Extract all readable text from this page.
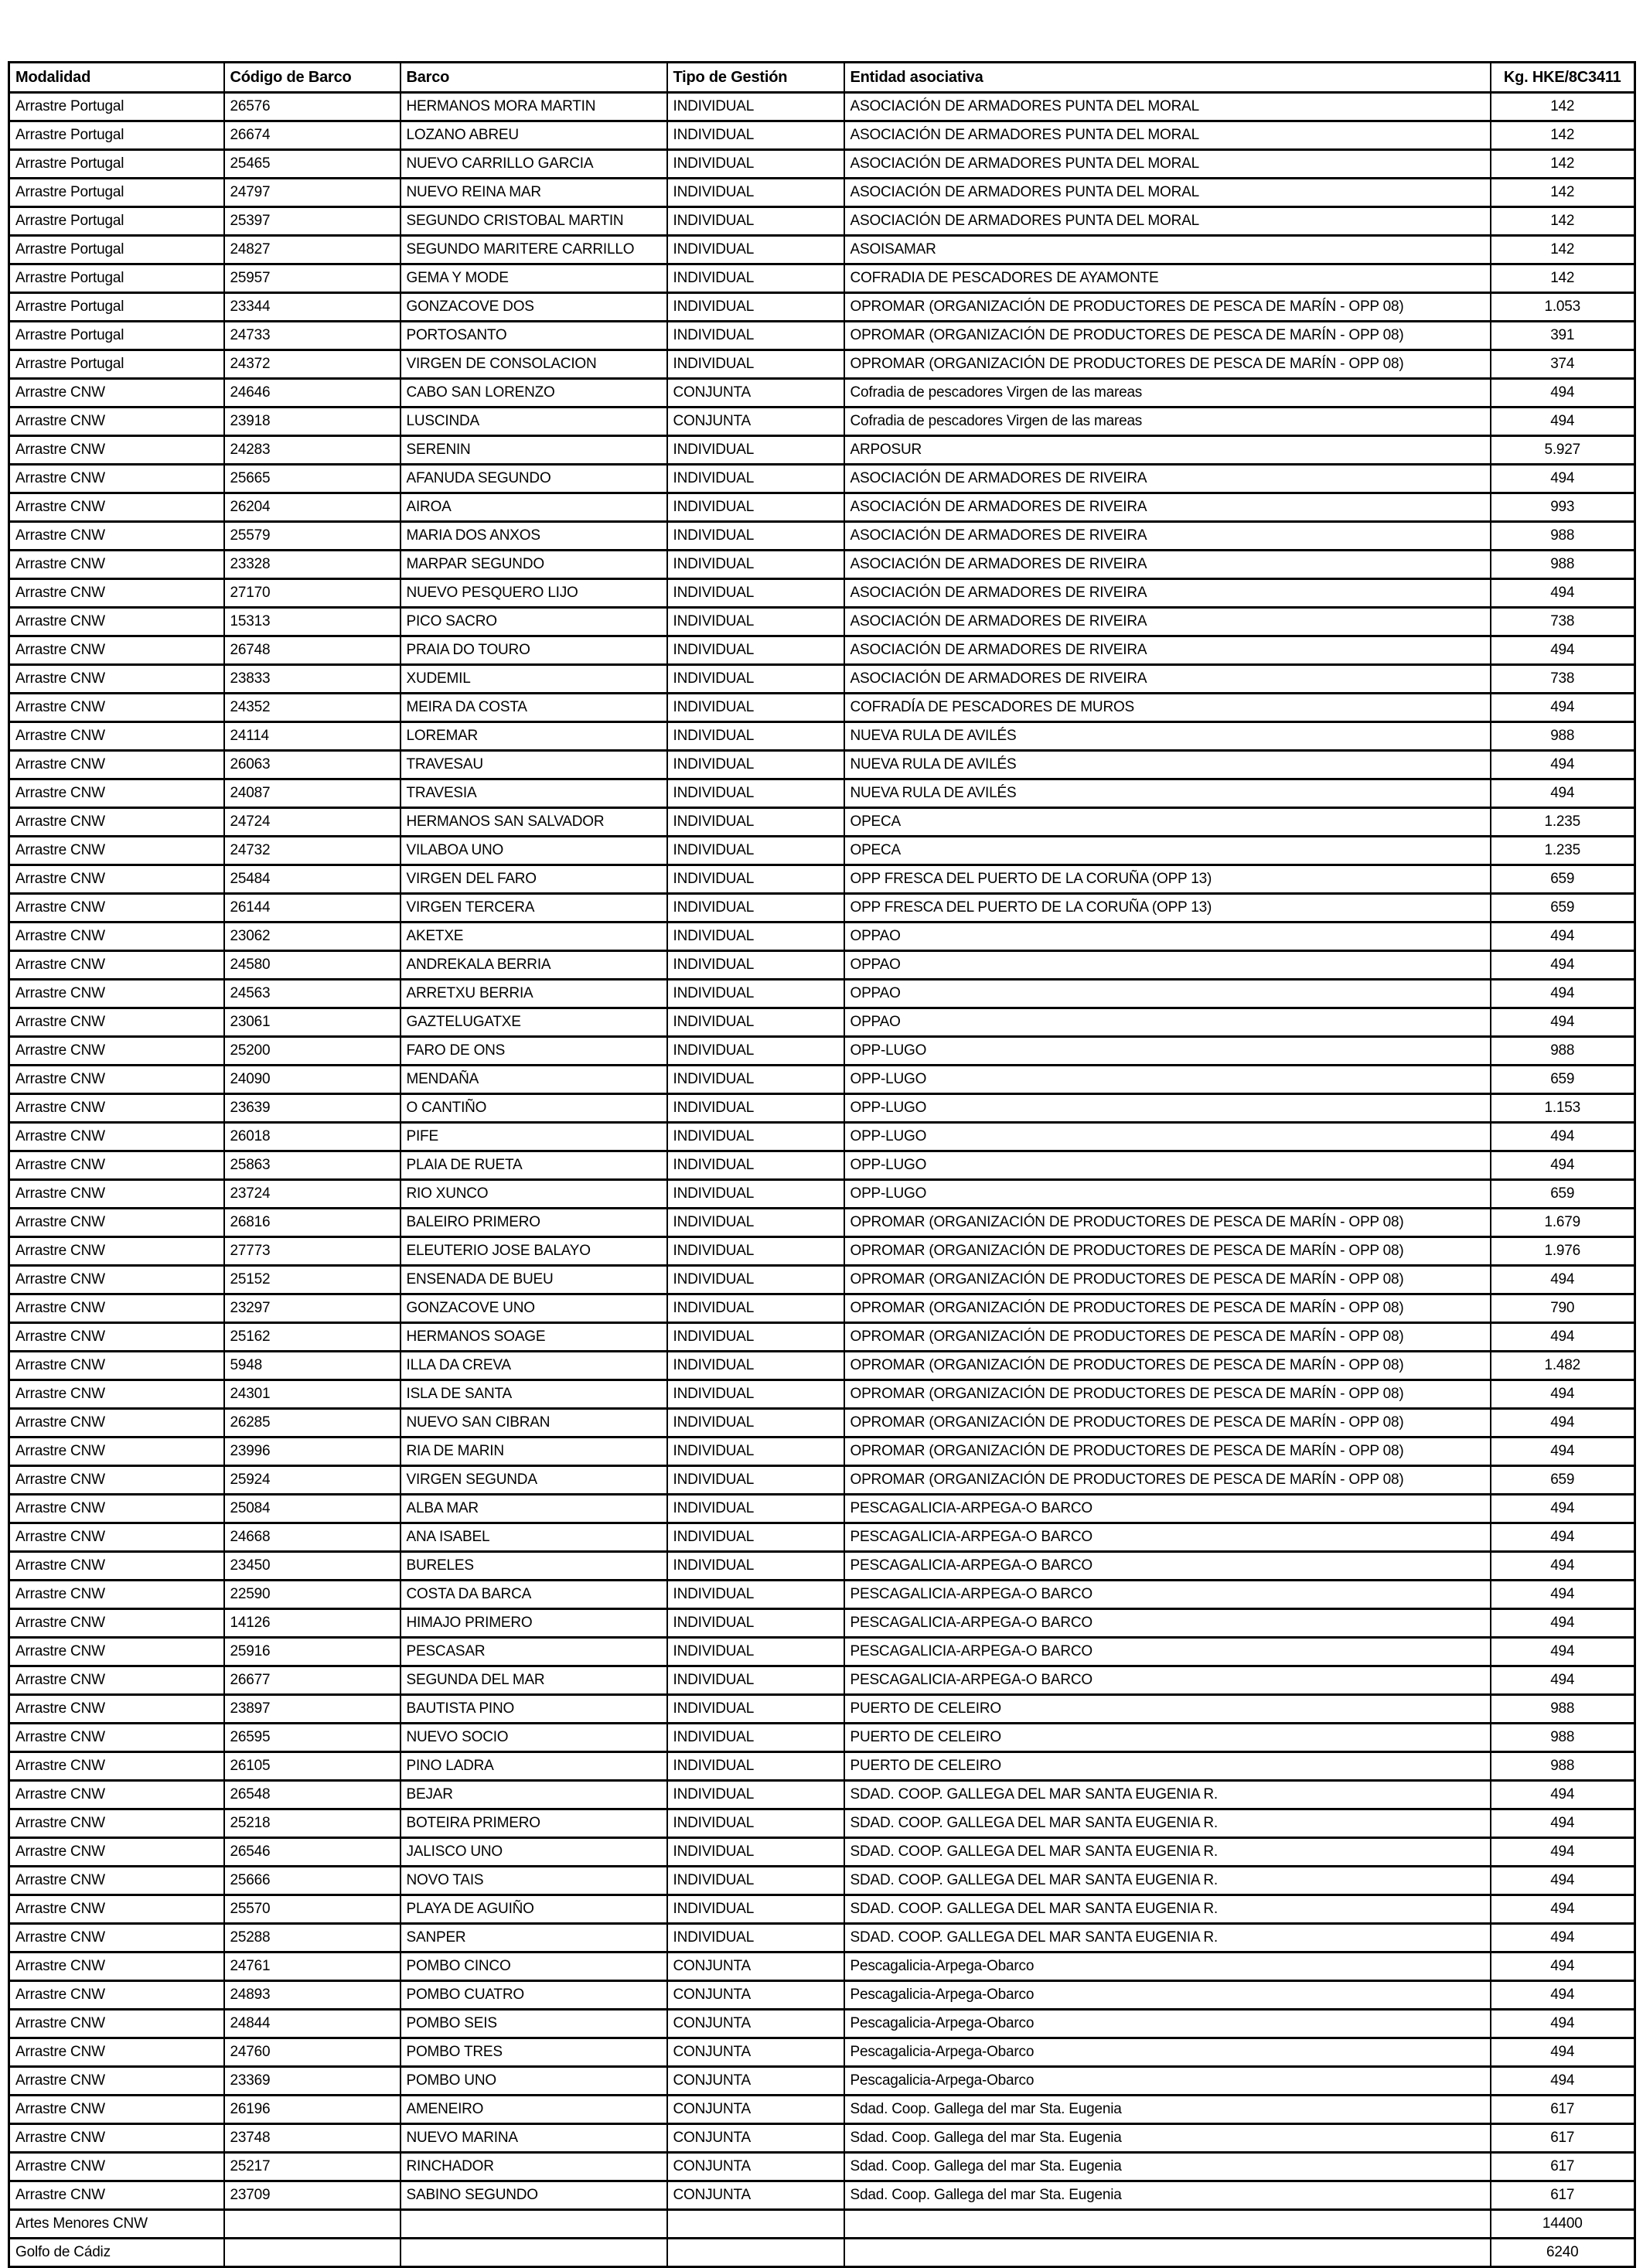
Modalidad	Código de Barco	Barco	Tipo de Gestión	Entidad asociativa	Kg. HKE/8C3411
Arrastre Portugal	26576	HERMANOS MORA MARTIN	INDIVIDUAL	ASOCIACIÓN DE ARMADORES PUNTA DEL MORAL	142
Arrastre Portugal	26674	LOZANO ABREU	INDIVIDUAL	ASOCIACIÓN DE ARMADORES PUNTA DEL MORAL	142
Arrastre Portugal	25465	NUEVO CARRILLO GARCIA	INDIVIDUAL	ASOCIACIÓN DE ARMADORES PUNTA DEL MORAL	142
Arrastre Portugal	24797	NUEVO REINA MAR	INDIVIDUAL	ASOCIACIÓN DE ARMADORES PUNTA DEL MORAL	142
Arrastre Portugal	25397	SEGUNDO CRISTOBAL MARTIN	INDIVIDUAL	ASOCIACIÓN DE ARMADORES PUNTA DEL MORAL	142
Arrastre Portugal	24827	SEGUNDO MARITERE CARRILLO	INDIVIDUAL	ASOISAMAR	142
Arrastre Portugal	25957	GEMA Y MODE	INDIVIDUAL	COFRADIA DE PESCADORES DE AYAMONTE	142
Arrastre Portugal	23344	GONZACOVE DOS	INDIVIDUAL	OPROMAR (ORGANIZACIÓN DE PRODUCTORES DE PESCA DE MARÍN - OPP 08)	1.053
Arrastre Portugal	24733	PORTOSANTO	INDIVIDUAL	OPROMAR (ORGANIZACIÓN DE PRODUCTORES DE PESCA DE MARÍN - OPP 08)	391
Arrastre Portugal	24372	VIRGEN DE CONSOLACION	INDIVIDUAL	OPROMAR (ORGANIZACIÓN DE PRODUCTORES DE PESCA DE MARÍN - OPP 08)	374
Arrastre CNW	24646	CABO SAN LORENZO	CONJUNTA	Cofradia de pescadores Virgen de las mareas	494
Arrastre CNW	23918	LUSCINDA	CONJUNTA	Cofradia de pescadores Virgen de las mareas	494
Arrastre CNW	24283	SERENIN	INDIVIDUAL	ARPOSUR	5.927
Arrastre CNW	25665	AFANUDA SEGUNDO	INDIVIDUAL	ASOCIACIÓN DE ARMADORES DE RIVEIRA	494
Arrastre CNW	26204	AIROA	INDIVIDUAL	ASOCIACIÓN DE ARMADORES DE RIVEIRA	993
Arrastre CNW	25579	MARIA DOS ANXOS	INDIVIDUAL	ASOCIACIÓN DE ARMADORES DE RIVEIRA	988
Arrastre CNW	23328	MARPAR SEGUNDO	INDIVIDUAL	ASOCIACIÓN DE ARMADORES DE RIVEIRA	988
Arrastre CNW	27170	NUEVO PESQUERO LIJO	INDIVIDUAL	ASOCIACIÓN DE ARMADORES DE RIVEIRA	494
Arrastre CNW	15313	PICO SACRO	INDIVIDUAL	ASOCIACIÓN DE ARMADORES DE RIVEIRA	738
Arrastre CNW	26748	PRAIA DO TOURO	INDIVIDUAL	ASOCIACIÓN DE ARMADORES DE RIVEIRA	494
Arrastre CNW	23833	XUDEMIL	INDIVIDUAL	ASOCIACIÓN DE ARMADORES DE RIVEIRA	738
Arrastre CNW	24352	MEIRA DA COSTA	INDIVIDUAL	COFRADÍA DE PESCADORES DE MUROS	494
Arrastre CNW	24114	LOREMAR	INDIVIDUAL	NUEVA RULA DE AVILÉS	988
Arrastre CNW	26063	TRAVESAU	INDIVIDUAL	NUEVA RULA DE AVILÉS	494
Arrastre CNW	24087	TRAVESIA	INDIVIDUAL	NUEVA RULA DE AVILÉS	494
Arrastre CNW	24724	HERMANOS SAN SALVADOR	INDIVIDUAL	OPECA	1.235
Arrastre CNW	24732	VILABOA UNO	INDIVIDUAL	OPECA	1.235
Arrastre CNW	25484	VIRGEN DEL FARO	INDIVIDUAL	OPP FRESCA DEL PUERTO DE LA CORUÑA (OPP 13)	659
Arrastre CNW	26144	VIRGEN TERCERA	INDIVIDUAL	OPP FRESCA DEL PUERTO DE LA CORUÑA (OPP 13)	659
Arrastre CNW	23062	AKETXE	INDIVIDUAL	OPPAO	494
Arrastre CNW	24580	ANDREKALA BERRIA	INDIVIDUAL	OPPAO	494
Arrastre CNW	24563	ARRETXU BERRIA	INDIVIDUAL	OPPAO	494
Arrastre CNW	23061	GAZTELUGATXE	INDIVIDUAL	OPPAO	494
Arrastre CNW	25200	FARO DE ONS	INDIVIDUAL	OPP-LUGO	988
Arrastre CNW	24090	MENDAÑA	INDIVIDUAL	OPP-LUGO	659
Arrastre CNW	23639	O CANTIÑO	INDIVIDUAL	OPP-LUGO	1.153
Arrastre CNW	26018	PIFE	INDIVIDUAL	OPP-LUGO	494
Arrastre CNW	25863	PLAIA DE RUETA	INDIVIDUAL	OPP-LUGO	494
Arrastre CNW	23724	RIO XUNCO	INDIVIDUAL	OPP-LUGO	659
Arrastre CNW	26816	BALEIRO PRIMERO	INDIVIDUAL	OPROMAR (ORGANIZACIÓN DE PRODUCTORES DE PESCA DE MARÍN - OPP 08)	1.679
Arrastre CNW	27773	ELEUTERIO JOSE BALAYO	INDIVIDUAL	OPROMAR (ORGANIZACIÓN DE PRODUCTORES DE PESCA DE MARÍN - OPP 08)	1.976
Arrastre CNW	25152	ENSENADA DE BUEU	INDIVIDUAL	OPROMAR (ORGANIZACIÓN DE PRODUCTORES DE PESCA DE MARÍN - OPP 08)	494
Arrastre CNW	23297	GONZACOVE UNO	INDIVIDUAL	OPROMAR (ORGANIZACIÓN DE PRODUCTORES DE PESCA DE MARÍN - OPP 08)	790
Arrastre CNW	25162	HERMANOS SOAGE	INDIVIDUAL	OPROMAR (ORGANIZACIÓN DE PRODUCTORES DE PESCA DE MARÍN - OPP 08)	494
Arrastre CNW	5948	ILLA DA CREVA	INDIVIDUAL	OPROMAR (ORGANIZACIÓN DE PRODUCTORES DE PESCA DE MARÍN - OPP 08)	1.482
Arrastre CNW	24301	ISLA DE SANTA	INDIVIDUAL	OPROMAR (ORGANIZACIÓN DE PRODUCTORES DE PESCA DE MARÍN - OPP 08)	494
Arrastre CNW	26285	NUEVO SAN CIBRAN	INDIVIDUAL	OPROMAR (ORGANIZACIÓN DE PRODUCTORES DE PESCA DE MARÍN - OPP 08)	494
Arrastre CNW	23996	RIA DE MARIN	INDIVIDUAL	OPROMAR (ORGANIZACIÓN DE PRODUCTORES DE PESCA DE MARÍN - OPP 08)	494
Arrastre CNW	25924	VIRGEN SEGUNDA	INDIVIDUAL	OPROMAR (ORGANIZACIÓN DE PRODUCTORES DE PESCA DE MARÍN - OPP 08)	659
Arrastre CNW	25084	ALBA MAR	INDIVIDUAL	PESCAGALICIA-ARPEGA-O BARCO	494
Arrastre CNW	24668	ANA ISABEL	INDIVIDUAL	PESCAGALICIA-ARPEGA-O BARCO	494
Arrastre CNW	23450	BURELES	INDIVIDUAL	PESCAGALICIA-ARPEGA-O BARCO	494
Arrastre CNW	22590	COSTA DA BARCA	INDIVIDUAL	PESCAGALICIA-ARPEGA-O BARCO	494
Arrastre CNW	14126	HIMAJO PRIMERO	INDIVIDUAL	PESCAGALICIA-ARPEGA-O BARCO	494
Arrastre CNW	25916	PESCASAR	INDIVIDUAL	PESCAGALICIA-ARPEGA-O BARCO	494
Arrastre CNW	26677	SEGUNDA DEL MAR	INDIVIDUAL	PESCAGALICIA-ARPEGA-O BARCO	494
Arrastre CNW	23897	BAUTISTA PINO	INDIVIDUAL	PUERTO DE CELEIRO	988
Arrastre CNW	26595	NUEVO SOCIO	INDIVIDUAL	PUERTO DE CELEIRO	988
Arrastre CNW	26105	PINO LADRA	INDIVIDUAL	PUERTO DE CELEIRO	988
Arrastre CNW	26548	BEJAR	INDIVIDUAL	SDAD. COOP. GALLEGA DEL MAR SANTA EUGENIA R.	494
Arrastre CNW	25218	BOTEIRA PRIMERO	INDIVIDUAL	SDAD. COOP. GALLEGA DEL MAR SANTA EUGENIA R.	494
Arrastre CNW	26546	JALISCO UNO	INDIVIDUAL	SDAD. COOP. GALLEGA DEL MAR SANTA EUGENIA R.	494
Arrastre CNW	25666	NOVO TAIS	INDIVIDUAL	SDAD. COOP. GALLEGA DEL MAR SANTA EUGENIA R.	494
Arrastre CNW	25570	PLAYA DE AGUIÑO	INDIVIDUAL	SDAD. COOP. GALLEGA DEL MAR SANTA EUGENIA R.	494
Arrastre CNW	25288	SANPER	INDIVIDUAL	SDAD. COOP. GALLEGA DEL MAR SANTA EUGENIA R.	494
Arrastre CNW	24761	POMBO CINCO	CONJUNTA	Pescagalicia-Arpega-Obarco	494
Arrastre CNW	24893	POMBO CUATRO	CONJUNTA	Pescagalicia-Arpega-Obarco	494
Arrastre CNW	24844	POMBO SEIS	CONJUNTA	Pescagalicia-Arpega-Obarco	494
Arrastre CNW	24760	POMBO TRES	CONJUNTA	Pescagalicia-Arpega-Obarco	494
Arrastre CNW	23369	POMBO UNO	CONJUNTA	Pescagalicia-Arpega-Obarco	494
Arrastre CNW	26196	AMENEIRO	CONJUNTA	Sdad. Coop. Gallega del mar Sta. Eugenia	617
Arrastre CNW	23748	NUEVO MARINA	CONJUNTA	Sdad. Coop. Gallega del mar Sta. Eugenia	617
Arrastre CNW	25217	RINCHADOR	CONJUNTA	Sdad. Coop. Gallega del mar Sta. Eugenia	617
Arrastre CNW	23709	SABINO SEGUNDO	CONJUNTA	Sdad. Coop. Gallega del mar Sta. Eugenia	617
Artes Menores CNW					14400
Golfo de Cádiz					6240
